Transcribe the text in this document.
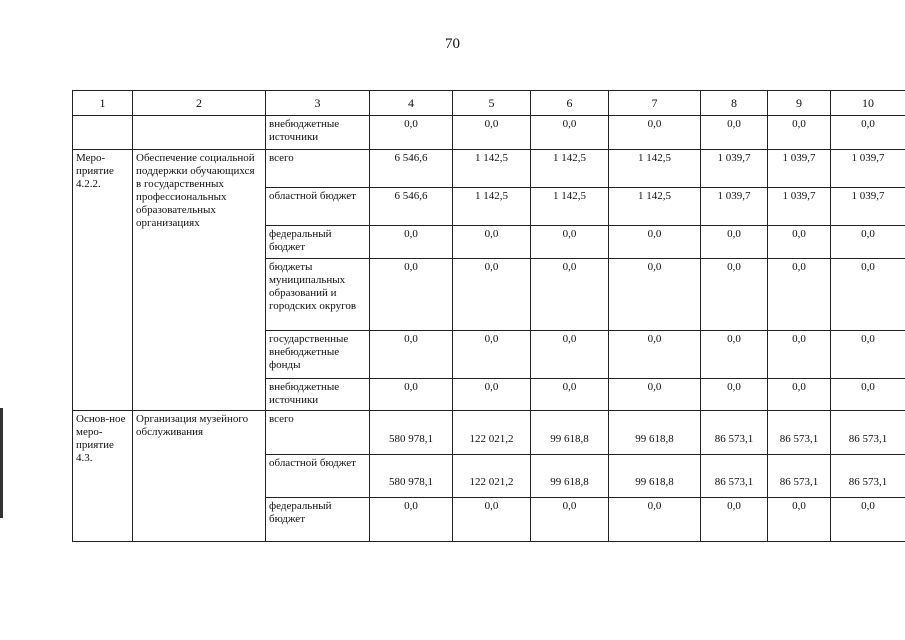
70
1	2	3	4	5	6	7	8	9	10
		внебюджетные источники	0,0	0,0	0,0	0,0	0,0	0,0	0,0
Меро-приятие 4.2.2.	Обеспечение социальной поддержки обучающихся в государственных профессиональных образовательных организациях	всего	6 546,6	1 142,5	1 142,5	1 142,5	1 039,7	1 039,7	1 039,7
		областной бюджет	6 546,6	1 142,5	1 142,5	1 142,5	1 039,7	1 039,7	1 039,7
		федеральный бюджет	0,0	0,0	0,0	0,0	0,0	0,0	0,0
		бюджеты муниципальных образований и городских округов	0,0	0,0	0,0	0,0	0,0	0,0	0,0
		государственные внебюджетные фонды	0,0	0,0	0,0	0,0	0,0	0,0	0,0
		внебюджетные источники	0,0	0,0	0,0	0,0	0,0	0,0	0,0
Основ-ное меро-приятие 4.3.	Организация музейного обслуживания	всего	580 978,1	122 021,2	99 618,8	99 618,8	86 573,1	86 573,1	86 573,1
		областной бюджет	580 978,1	122 021,2	99 618,8	99 618,8	86 573,1	86 573,1	86 573,1
		федеральный бюджет	0,0	0,0	0,0	0,0	0,0	0,0	0,0
